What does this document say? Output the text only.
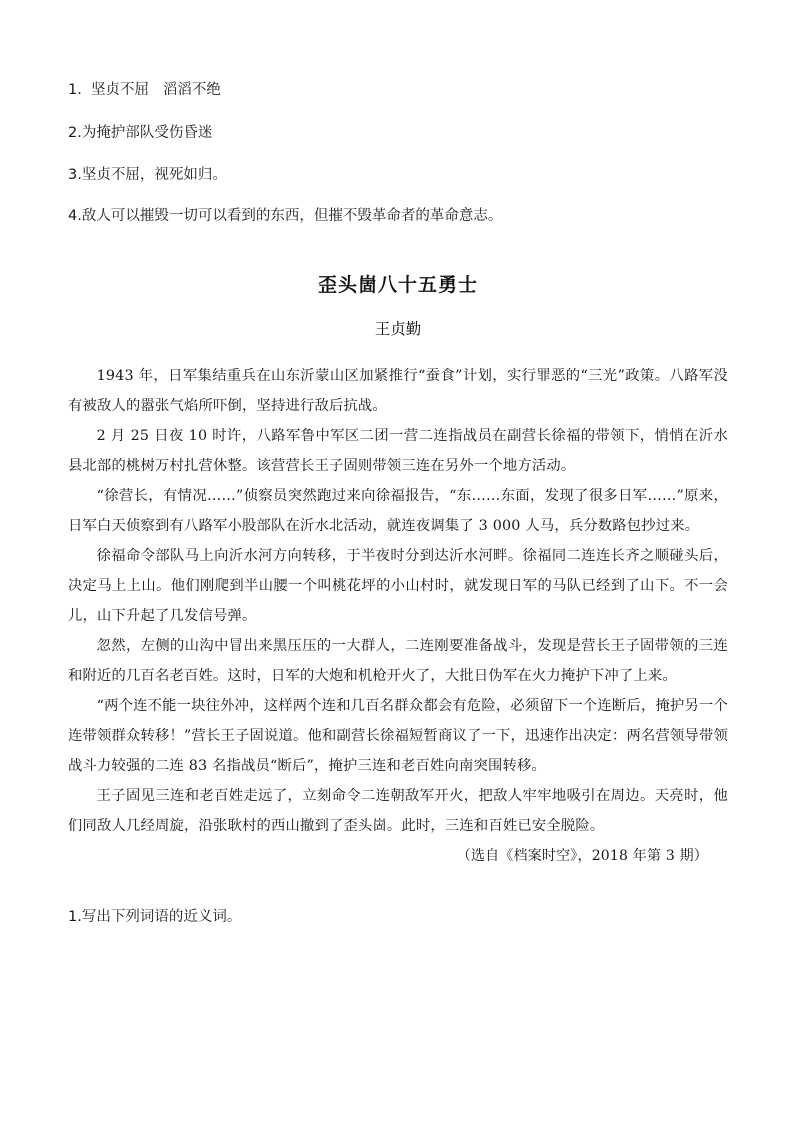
1.  坚贞不屈   滔滔不绝
2.为掩护部队受伤昏迷
3.坚贞不屈，视死如归。
4.敌人可以摧毁一切可以看到的东西，但摧不毁革命者的革命意志。
歪头崮八十五勇士
王贞勤

1943 年，日军集结重兵在山东沂蒙山区加紧推行“蚕食”计划，实行罪恶的“三光”政策。八路军没有被敌人的嚣张气焰所吓倒，坚持进行敌后抗战。

2 月 25 日夜 10 时许，八路军鲁中军区二团一营二连指战员在副营长徐福的带领下，悄悄在沂水县北部的桃树万村扎营休整。该营营长王子固则带领三连在另外一个地方活动。

“徐营长，有情况……”侦察员突然跑过来向徐福报告，“东……东面，发现了很多日军……”原来，日军白天侦察到有八路军小股部队在沂水北活动，就连夜调集了 3 000 人马，兵分数路包抄过来。

徐福命令部队马上向沂水河方向转移，于半夜时分到达沂水河畔。徐福同二连连长齐之顺碰头后，决定马上上山。他们刚爬到半山腰一个叫桃花坪的小山村时，就发现日军的马队已经到了山下。不一会儿，山下升起了几发信号弹。

忽然，左侧的山沟中冒出来黑压压的一大群人，二连刚要准备战斗，发现是营长王子固带领的三连和附近的几百名老百姓。这时，日军的大炮和机枪开火了，大批日伪军在火力掩护下冲了上来。

“两个连不能一块往外冲，这样两个连和几百名群众都会有危险，必须留下一个连断后，掩护另一个连带领群众转移！”营长王子固说道。他和副营长徐福短暂商议了一下，迅速作出决定：两名营领导带领战斗力较强的二连 83 名指战员“断后”，掩护三连和老百姓向南突围转移。

王子固见三连和老百姓走远了，立刻命令二连朝敌军开火，把敌人牢牢地吸引在周边。天亮时，他们同敌人几经周旋，沿张耿村的西山撤到了歪头崮。此时，三连和百姓已安全脱险。

（选自《档案时空》，2018 年第 3 期）

1.写出下列词语的近义词。
